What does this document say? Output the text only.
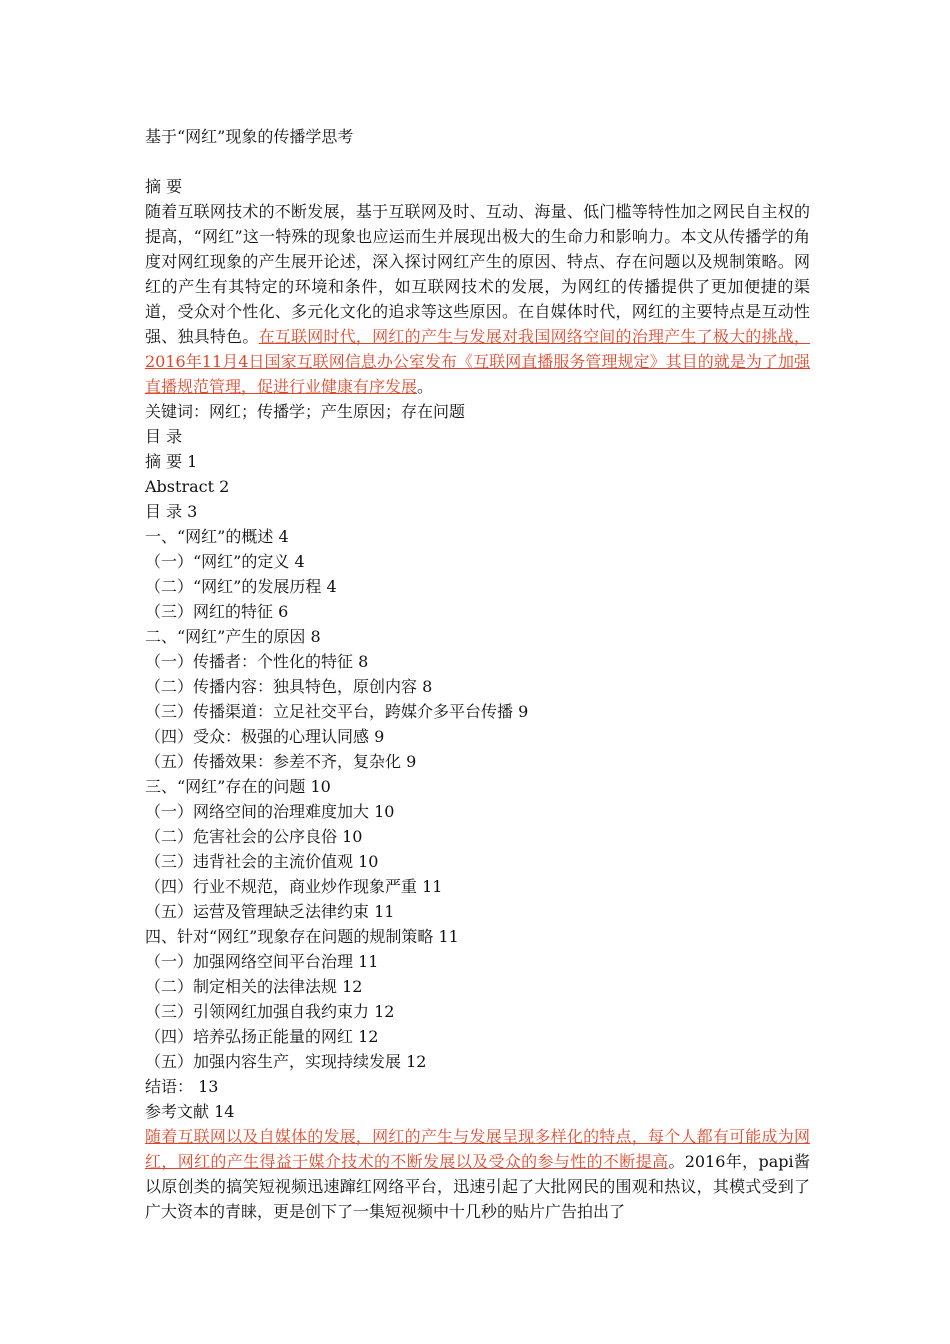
基于“网红”现象的传播学思考
摘 要
随着互联网技术的不断发展，基于互联网及时、互动、海量、低门槛等特性加之网民自主权的提高，“网红”这一特殊的现象也应运而生并展现出极大的生命力和影响力。本文从传播学的角度对网红现象的产生展开论述，深入探讨网红产生的原因、特点、存在问题以及规制策略。网红的产生有其特定的环境和条件，如互联网技术的发展，为网红的传播提供了更加便捷的渠道，受众对个性化、多元化文化的追求等这些原因。在自媒体时代，网红的主要特点是互动性强、独具特色。在互联网时代，网红的产生与发展对我国网络空间的治理产生了极大的挑战，2016年11月4日国家互联网信息办公室发布《互联网直播服务管理规定》其目的就是为了加强直播规范管理，促进行业健康有序发展。
关键词：网红；传播学；产生原因；存在问题
目 录
摘 要 1
Abstract 2
目 录 3
一、“网红”的概述 4
（一）“网红”的定义 4
（二）“网红”的发展历程 4
（三）网红的特征 6
二、“网红”产生的原因 8
（一）传播者：个性化的特征 8
（二）传播内容：独具特色，原创内容 8
（三）传播渠道：立足社交平台，跨媒介多平台传播 9
（四）受众：极强的心理认同感 9
（五）传播效果：参差不齐，复杂化 9
三、“网红”存在的问题 10
（一）网络空间的治理难度加大 10
（二）危害社会的公序良俗 10
（三）违背社会的主流价值观 10
（四）行业不规范，商业炒作现象严重 11
（五）运营及管理缺乏法律约束 11
四、针对“网红”现象存在问题的规制策略 11
（一）加强网络空间平台治理 11
（二）制定相关的法律法规 12
（三）引领网红加强自我约束力 12
（四）培养弘扬正能量的网红 12
（五）加强内容生产，实现持续发展 12
结语： 13
参考文献 14
随着互联网以及自媒体的发展，网红的产生与发展呈现多样化的特点，每个人都有可能成为网红，网红的产生得益于媒介技术的不断发展以及受众的参与性的不断提高。2016年，papi酱以原创类的搞笑短视频迅速蹿红网络平台，迅速引起了大批网民的围观和热议，其模式受到了广大资本的青睐，更是创下了一集短视频中十几秒的贴片广告拍出了
